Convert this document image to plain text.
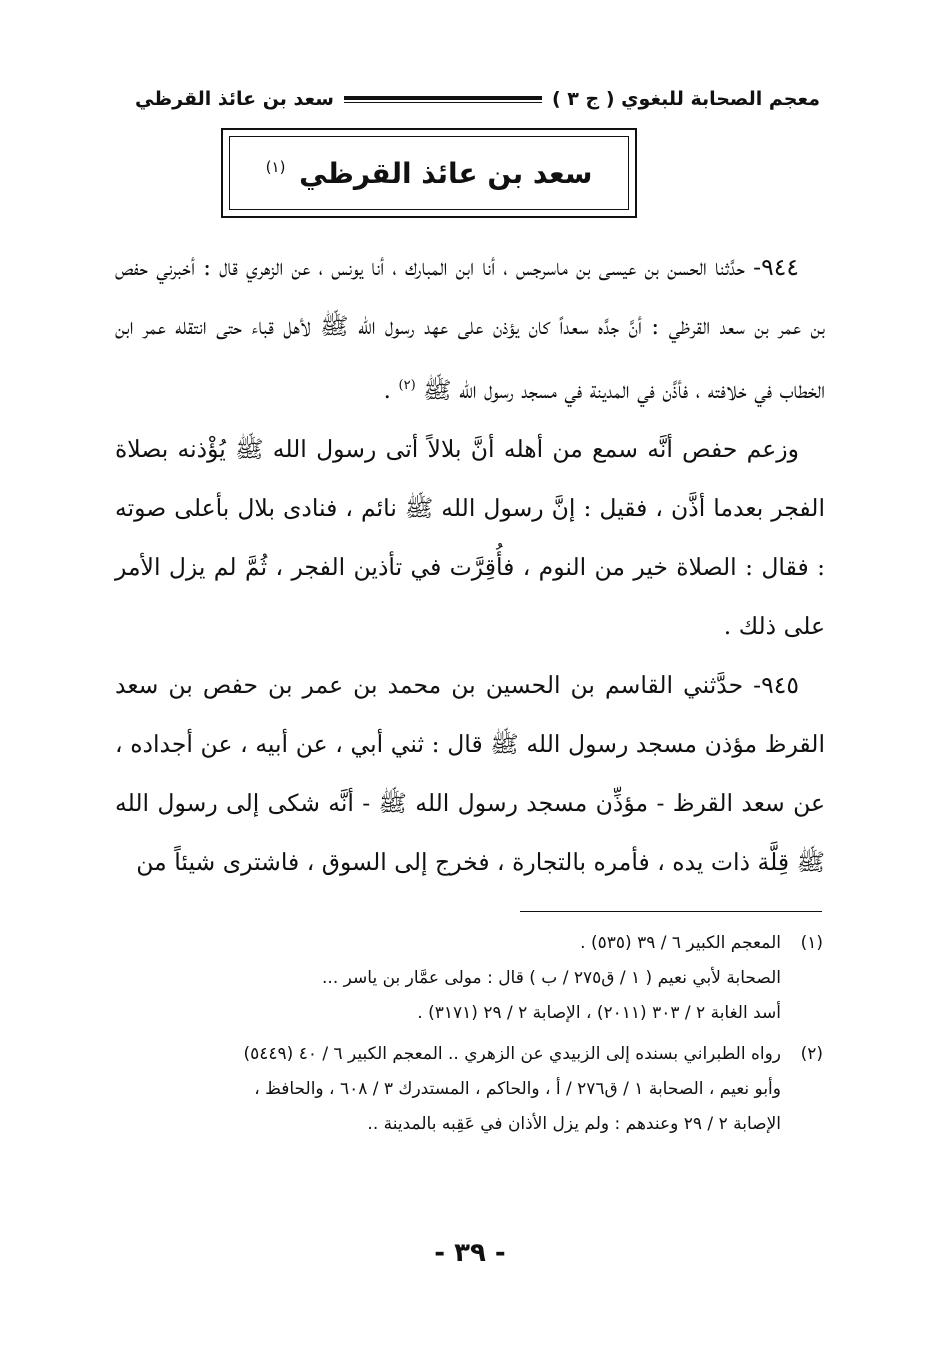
معجم الصحابة للبغوي ( ج ٣ )
سعد بن عائذ القرظي
سعد بن عائذ القرظي $^{(١)}$

٩٤٤- حدَّثنا الحسن بن عيسى بن ماسرجس ، أنا ابن المبارك ، أنا يونس ، عن الزهري قال : أخبرني حفص بن عمر بن سعد القرظي : أنَّ جدَّه سعداً كان يؤذن على عهد رسول الله ﷺ لأهل قباء حتى انتقله عمر ابن الخطاب في خلافته ، فأذَّن في المدينة في مسجد رسول الله ﷺ $^{(٢)}$ .

وزعم حفص أنَّه سمع من أهله أنَّ بلالاً أتى رسول الله ﷺ يُؤْذنه بصلاة الفجر بعدما أذَّن ، فقيل : إنَّ رسول الله ﷺ نائم ، فنادى بلال بأعلى صوته : فقال : الصلاة خير من النوم ، فأُقِرَّت في تأذين الفجر ، ثُمَّ لم يزل الأمر على ذلك .

٩٤٥- حدَّثني القاسم بن الحسين بن محمد بن عمر بن حفص بن سعد القرظ مؤذن مسجد رسول الله ﷺ قال : ثني أبي ، عن أبيه ، عن أجداده ، عن سعد القرظ - مؤذِّن مسجد رسول الله ﷺ - أنَّه شكى إلى رسول الله ﷺ قِلَّة ذات يده ، فأمره بالتجارة ، فخرج إلى السوق ، فاشترى شيئاً من

(١)
المعجم الكبير ٦ / ٣٩ (٥٣٥) .
الصحابة لأبي نعيم ( ١ / ق٢٧٥ / ب ) قال : مولى عمَّار بن ياسر ...
أسد الغابة ٢ / ٣٠٣ (٢٠١١) ، الإصابة ٢ / ٢٩ (٣١٧١) .
(٢)
رواه الطبراني بسنده إلى الزبيدي عن الزهري .. المعجم الكبير ٦ / ٤٠ (٥٤٤٩)
وأبو نعيم ، الصحابة ١ / ق٢٧٦ / أ ، والحاكم ، المستدرك ٣ / ٦٠٨ ، والحافظ ،
الإصابة ٢ / ٢٩ وعندهم : ولم يزل الأذان في عَقِبه بالمدينة ..
- ٣٩ -
